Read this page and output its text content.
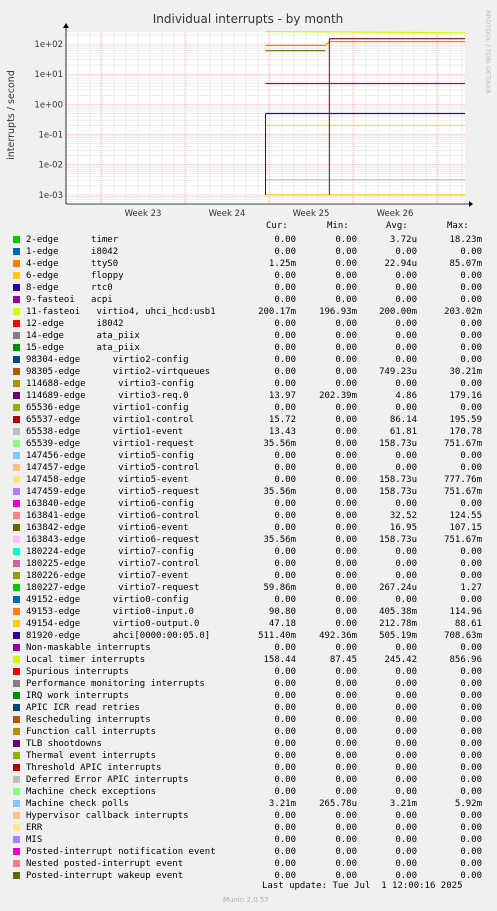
Individual interrupts - by month
interrupts / second
RRDTOOL / TOBI OETIKER
1e+02
1e+01
1e+00
1e-01
1e-02
1e-03
Week 23	Week 24	Week 25	Week 26
Cur:	Min:	Avg:	Max:
2-edge      timer	0.00	0.00	3.72u	18.23m
1-edge      i8042	0.00	0.00	0.00	0.00
4-edge      ttyS0	1.25m	0.00	22.94u	85.07m
6-edge      floppy	0.00	0.00	0.00	0.00
8-edge      rtc0	0.00	0.00	0.00	0.00
9-fasteoi   acpi	0.00	0.00	0.00	0.00
11-fasteoi   virtio4, uhci_hcd:usb1	200.17m	196.93m	200.00m	203.02m
12-edge      i8042	0.00	0.00	0.00	0.00
14-edge      ata_piix	0.00	0.00	0.00	0.00
15-edge      ata_piix	0.00	0.00	0.00	0.00
98304-edge      virtio2-config	0.00	0.00	0.00	0.00
98305-edge      virtio2-virtqueues	0.00	0.00	749.23u	30.21m
114688-edge      virtio3-config	0.00	0.00	0.00	0.00
114689-edge      virtio3-req.0	13.97	202.39m	4.86	179.16
65536-edge      virtio1-config	0.00	0.00	0.00	0.00
65537-edge      virtio1-control	15.72	0.00	86.14	195.59
65538-edge      virtio1-event	13.43	0.00	61.81	170.78
65539-edge      virtio1-request	35.56m	0.00	158.73u	751.67m
147456-edge      virtio5-config	0.00	0.00	0.00	0.00
147457-edge      virtio5-control	0.00	0.00	0.00	0.00
147458-edge      virtio5-event	0.00	0.00	158.73u	777.76m
147459-edge      virtio5-request	35.56m	0.00	158.73u	751.67m
163840-edge      virtio6-config	0.00	0.00	0.00	0.00
163841-edge      virtio6-control	0.00	0.00	32.52	124.55
163842-edge      virtio6-event	0.00	0.00	16.95	107.15
163843-edge      virtio6-request	35.56m	0.00	158.73u	751.67m
180224-edge      virtio7-config	0.00	0.00	0.00	0.00
180225-edge      virtio7-control	0.00	0.00	0.00	0.00
180226-edge      virtio7-event	0.00	0.00	0.00	0.00
180227-edge      virtio7-request	59.86m	0.00	267.24u	1.27
49152-edge      virtio0-config	0.00	0.00	0.00	0.00
49153-edge      virtio0-input.0	90.80	0.00	405.38m	114.96
49154-edge      virtio0-output.0	47.18	0.00	212.78m	88.61
81920-edge      ahci[0000:00:05.0]	511.40m	492.36m	505.19m	708.63m
Non-maskable interrupts	0.00	0.00	0.00	0.00
Local timer interrupts	158.44	87.45	245.42	856.96
Spurious interrupts	0.00	0.00	0.00	0.00
Performance monitoring interrupts	0.00	0.00	0.00	0.00
IRQ work interrupts	0.00	0.00	0.00	0.00
APIC ICR read retries	0.00	0.00	0.00	0.00
Rescheduling interrupts	0.00	0.00	0.00	0.00
Function call interrupts	0.00	0.00	0.00	0.00
TLB shootdowns	0.00	0.00	0.00	0.00
Thermal event interrupts	0.00	0.00	0.00	0.00
Threshold APIC interrupts	0.00	0.00	0.00	0.00
Deferred Error APIC interrupts	0.00	0.00	0.00	0.00
Machine check exceptions	0.00	0.00	0.00	0.00
Machine check polls	3.21m	265.78u	3.21m	5.92m
Hypervisor callback interrupts	0.00	0.00	0.00	0.00
ERR	0.00	0.00	0.00	0.00
MIS	0.00	0.00	0.00	0.00
Posted-interrupt notification event	0.00	0.00	0.00	0.00
Nested posted-interrupt event	0.00	0.00	0.00	0.00
Posted-interrupt wakeup event	0.00	0.00	0.00	0.00
Last update: Tue Jul  1 12:00:16 2025
Munin 2.0.57
